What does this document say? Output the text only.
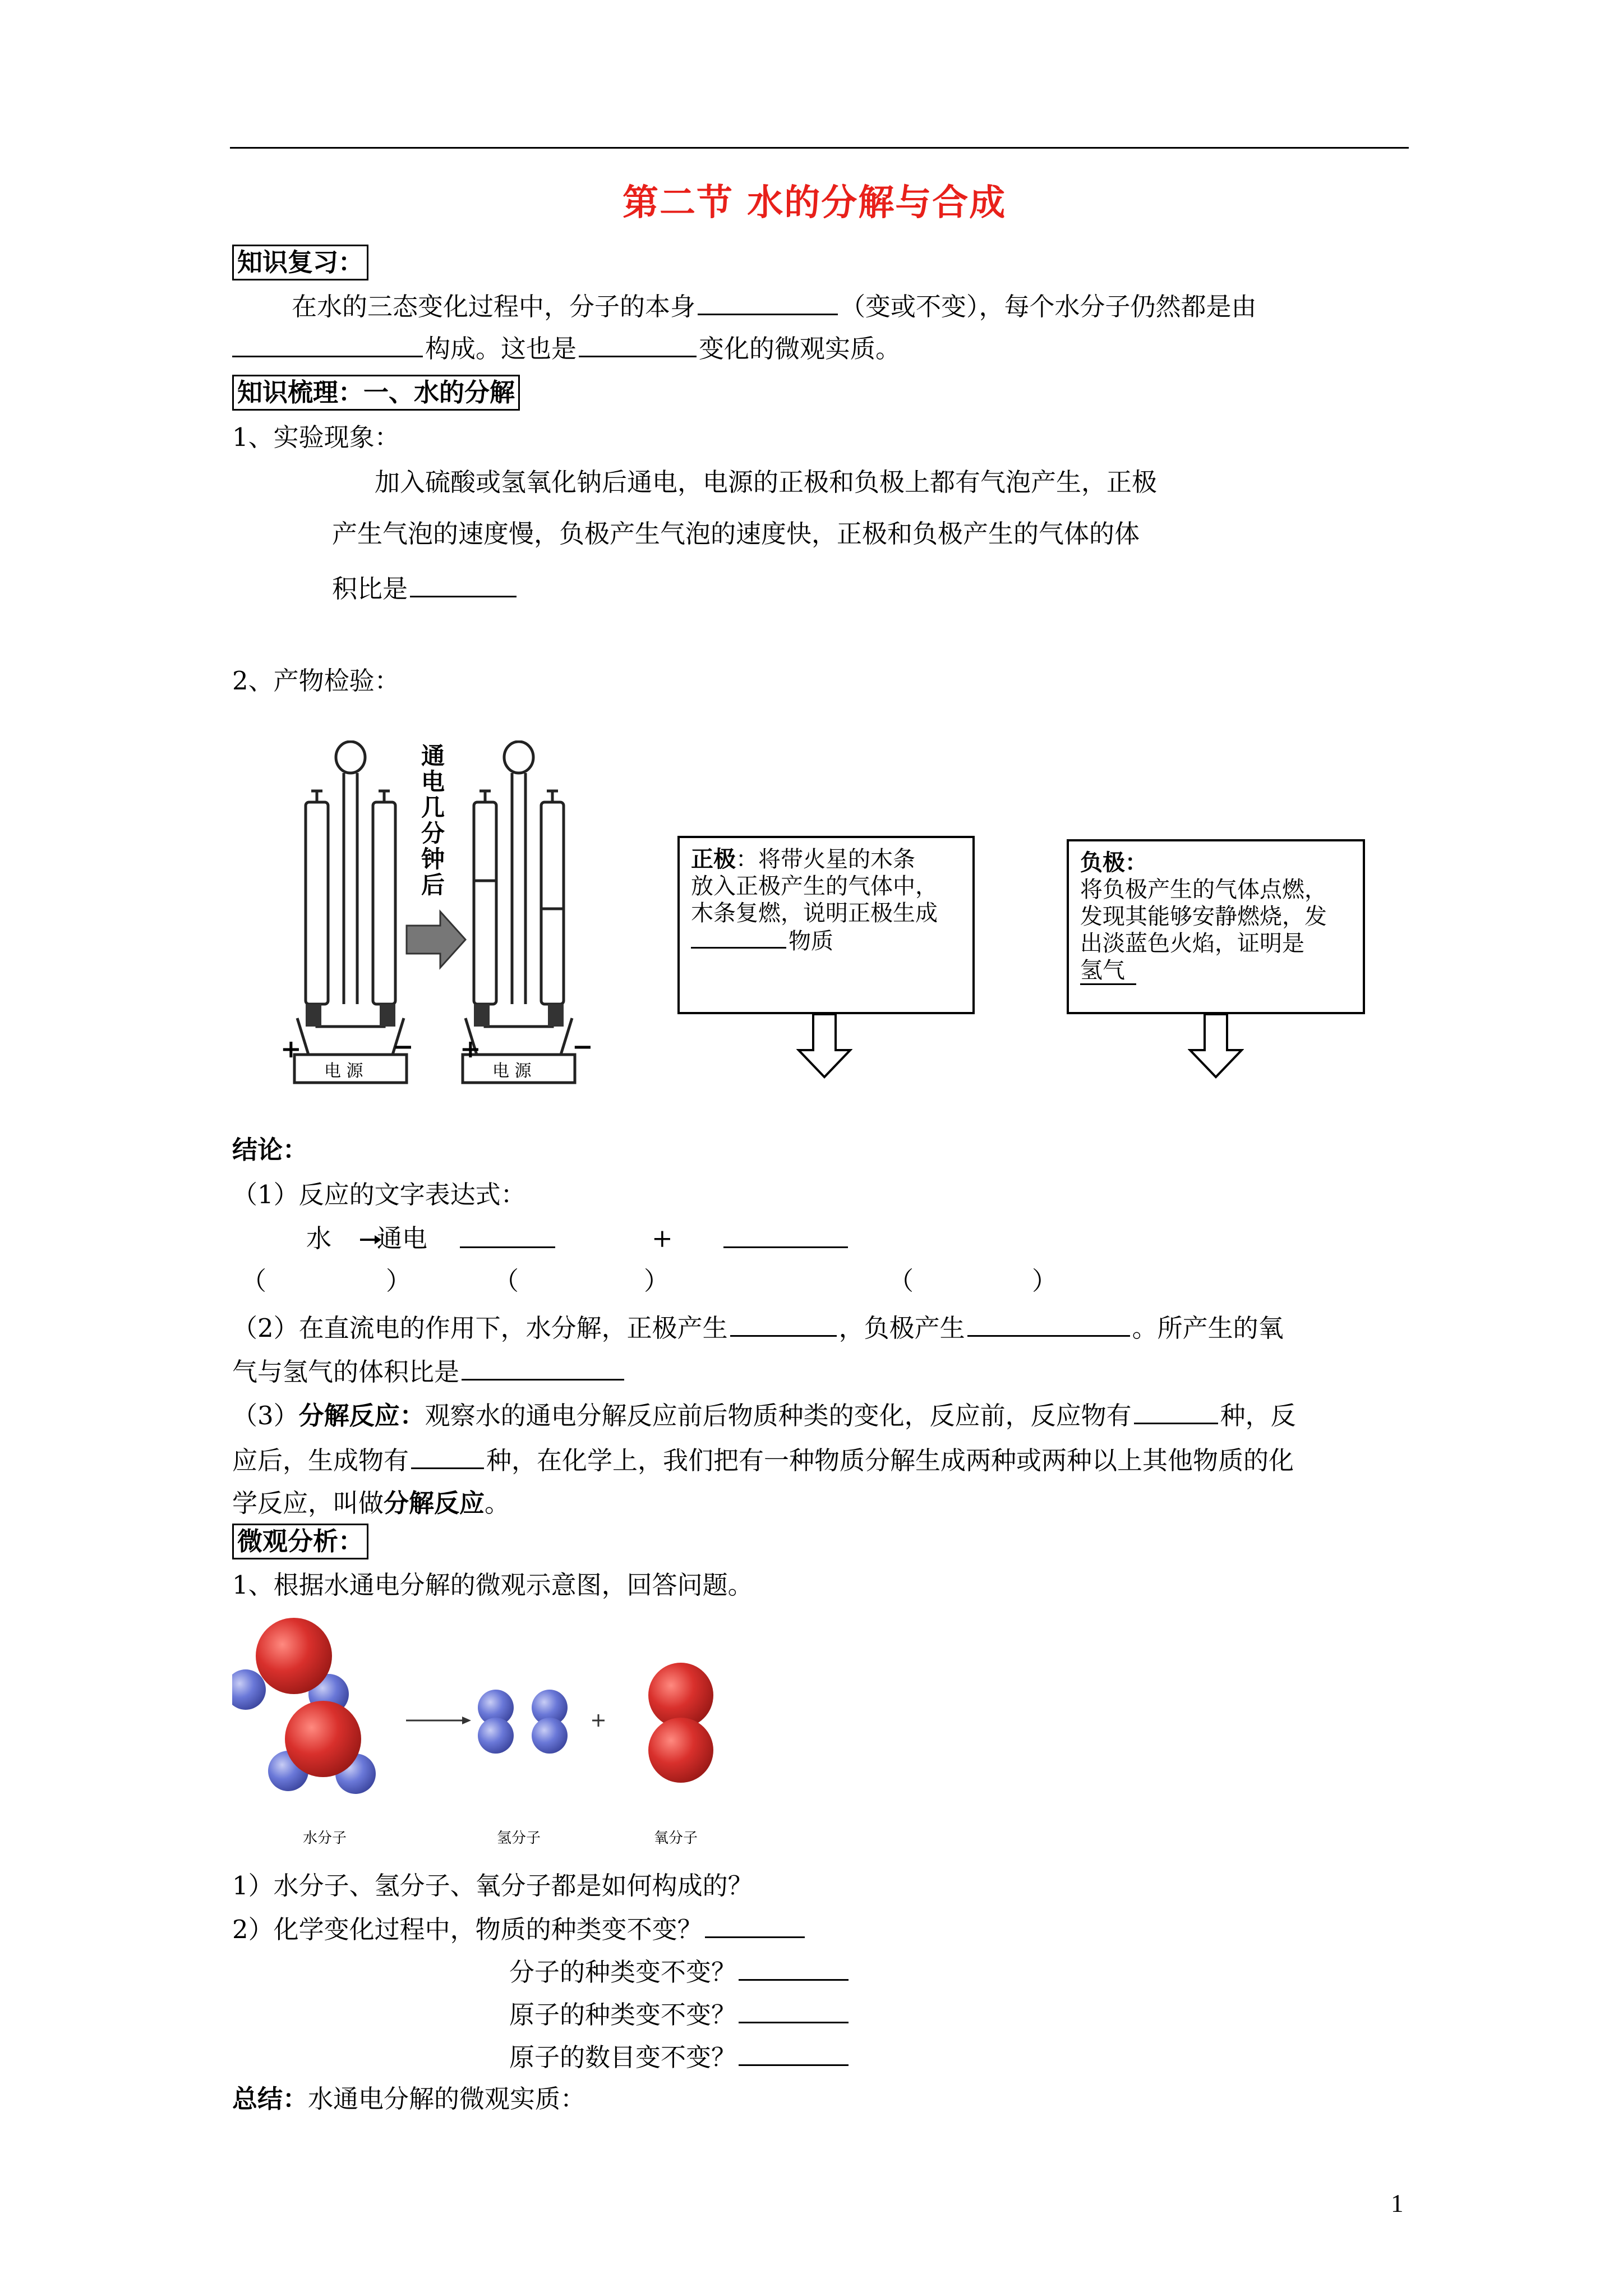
第二节 水的分解与合成
知识复习：
在水的三态变化过程中，分子的本身	（变或不变），每个水分子仍然都是由
构成。这也是	变化的微观实质。
知识梳理：一、水的分解
1、实验现象：
加入硫酸或氢氧化钠后通电，电源的正极和负极上都有气泡产生，正极
产生气泡的速度慢，负极产生气泡的速度快，正极和负极产生的气体的体
积比是
2、产物检验：
通
电
几
分
钟
后
电 源	电 源
+	− +	−
正极：将带火星的木条
放入正极产生的气体中，
木条复燃，说明正极生成
物质
负极：
将负极产生的气体点燃，
发现其能够安静燃烧，发
出淡蓝色火焰，证明是
氢气
结论：
（1）反应的文字表达式：
水 通电	+
（	）	（	）	（	）
（2）在直流电的作用下，水分解，正极产生	，负极产生	。所产生的氧
气与氢气的体积比是
（3）分解反应：观察水的通电分解反应前后物质种类的变化，反应前，反应物有	种，反
应后，生成物有	种，在化学上，我们把有一种物质分解生成两种或两种以上其他物质的化
学反应，叫做分解反应。
微观分析：
1、根据水通电分解的微观示意图，回答问题。
水分子	氢分子	氧分子
1）水分子、氢分子、氧分子都是如何构成的？
2）化学变化过程中，物质的种类变不变？
分子的种类变不变？
原子的种类变不变？
原子的数目变不变？
总结：水通电分解的微观实质：
1
